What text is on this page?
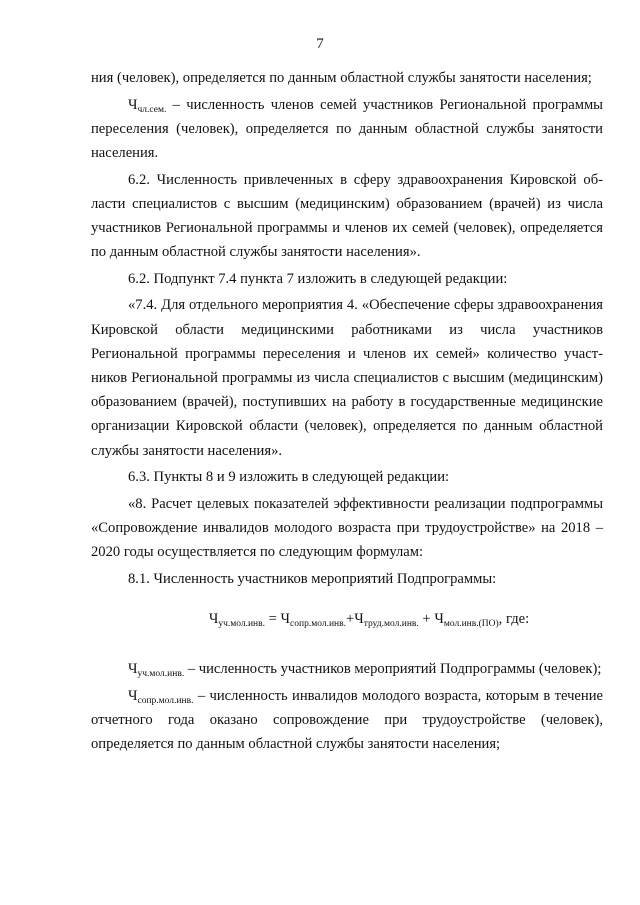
7

ния (человек), определяется по данным областной службы занятости населения;

$Ч_{чл.сем.}$ – численность членов семей участников Региональной программы переселения (человек), определяется по данным областной службы занятости населения.

6.2. Численность привлеченных в сферу здравоохранения Кировской области специалистов с высшим (медицинским) образованием (врачей) из числа участников Региональной программы и членов их семей (человек), определяется по данным областной службы занятости населения».

6.2. Подпункт 7.4 пункта 7 изложить в следующей редакции:

«7.4. Для отдельного мероприятия 4. «Обеспечение сферы здравоохранения Кировской области медицинскими работниками из числа участников Региональной программы переселения и членов их семей» количество участников Региональной программы из числа специалистов с высшим (медицинским) образованием (врачей), поступивших на работу в государственные медицинские организации Кировской области (человек), определяется по данным областной службы занятости населения».

6.3. Пункты 8 и 9 изложить в следующей редакции:

«8. Расчет целевых показателей эффективности реализации подпрограммы «Сопровождение инвалидов молодого возраста при трудоустройстве» на 2018 – 2020 годы осуществляется по следующим формулам:

8.1. Численность участников мероприятий Подпрограммы:

$Ч_{уч.мол.инв.} = Ч_{сопр.мол.инв.}+Ч_{труд.мол.инв.} + Ч_{мол.инв.(ПО)}$, где:

$Ч_{уч.мол.инв.}$ – численность участников мероприятий Подпрограммы (человек);

$Ч_{сопр.мол.инв.}$ – численность инвалидов молодого возраста, которым в течение отчетного года оказано сопровождение при трудоустройстве (человек), определяется по данным областной службы занятости населения;
